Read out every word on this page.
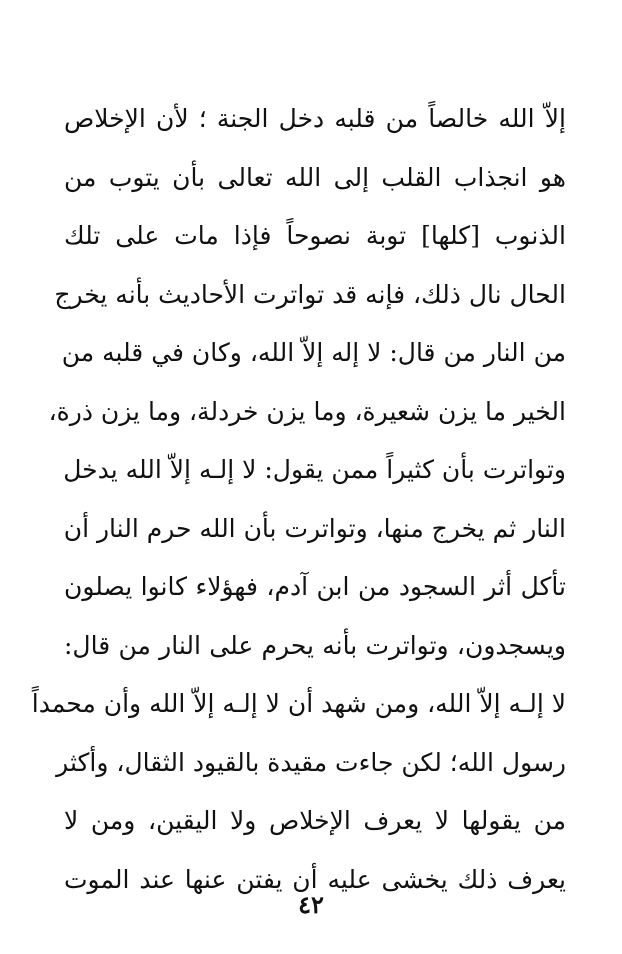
إلاّ الله خالصاً من قلبه دخل الجنة ؛ لأن الإخلاص
هو انجذاب القلب إلى الله تعالى بأن يتوب من
الذنوب [كلها] توبة نصوحاً فإذا مات على تلك
الحال نال ذلك، فإنه قد تواترت الأحاديث بأنه يخرج
من النار من قال: لا إله إلاّ الله، وكان في قلبه من
الخير ما يزن شعيرة، وما يزن خردلة، وما يزن ذرة،
وتواترت بأن كثيراً ممن يقول: لا إلـه إلاّ الله يدخل
النار ثم يخرج منها، وتواترت بأن الله حرم النار أن
تأكل أثر السجود من ابن آدم، فهؤلاء كانوا يصلون
ويسجدون، وتواترت بأنه يحرم على النار من قال:
لا إلـه إلاّ الله، ومن شهد أن لا إلـه إلاّ الله وأن محمداً
رسول الله؛ لكن جاءت مقيدة بالقيود الثقال، وأكثر
من يقولها لا يعرف الإخلاص ولا اليقين، ومن لا
يعرف ذلك يخشى عليه أن يفتن عنها عند الموت
٤٢
